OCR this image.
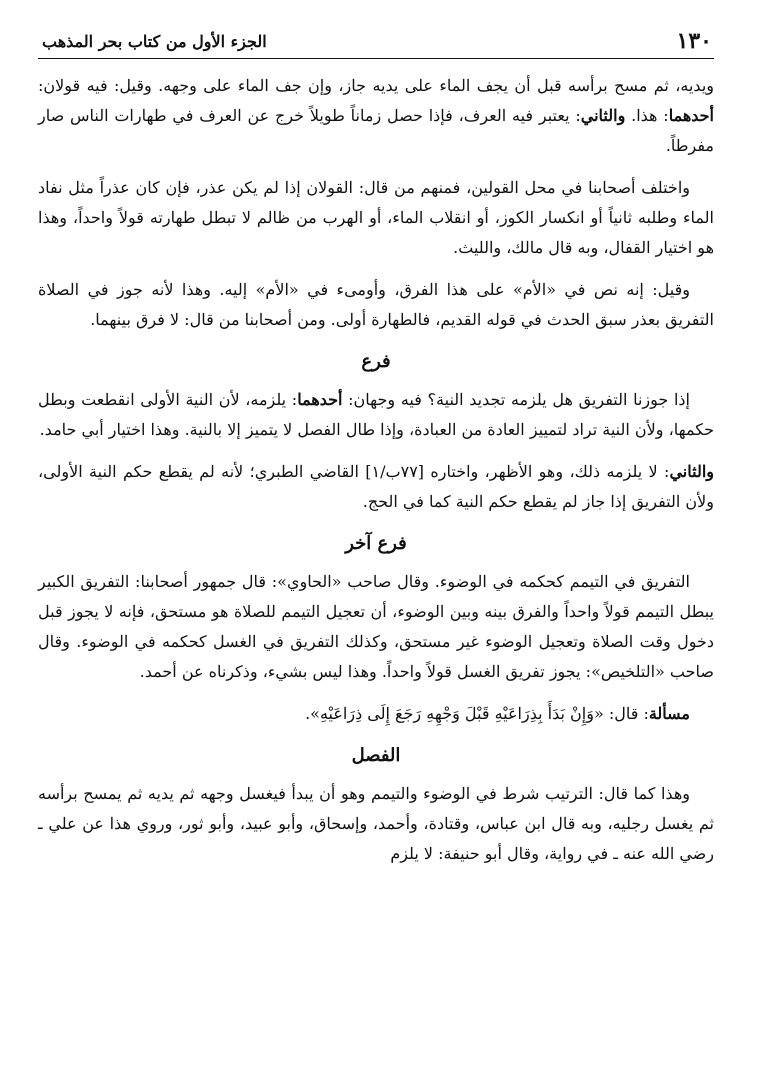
١٣٠
الجزء الأول من كتاب بحر المذهب

ويديه، ثم مسح برأسه قبل أن يجف الماء على يديه جاز، وإن جف الماء على وجهه. وقيل: فيه قولان: أحدهما: هذا. والثاني: يعتبر فيه العرف، فإذا حصل زماناً طويلاً خرج عن العرف في طهارات الناس صار مفرطاً.

واختلف أصحابنا في محل القولين، فمنهم من قال: القولان إذا لم يكن عذر، فإن كان عذراً مثل نفاد الماء وطلبه ثانياً أو انكسار الكوز، أو انقلاب الماء، أو الهرب من ظالم لا تبطل طهارته قولاً واحداً، وهذا هو اختيار القفال، وبه قال مالك، والليث.

وقيل: إنه نص في «الأم» على هذا الفرق، وأومىء في «الأم» إليه. وهذا لأنه جوز في الصلاة التفريق بعذر سبق الحدث في قوله القديم، فالطهارة أولى. ومن أصحابنا من قال: لا فرق بينهما.

فرع

إذا جوزنا التفريق هل يلزمه تجديد النية؟ فيه وجهان: أحدهما: يلزمه، لأن النية الأولى انقطعت وبطل حكمها، ولأن النية تراد لتمييز العادة من العبادة، وإذا طال الفصل لا يتميز إلا بالنية. وهذا اختيار أبي حامد.

والثاني: لا يلزمه ذلك، وهو الأظهر، واختاره [٧٧ب/١] القاضي الطبري؛ لأنه لم يقطع حكم النية الأولى، ولأن التفريق إذا جاز لم يقطع حكم النية كما في الحج.

فرع آخر

التفريق في التيمم كحكمه في الوضوء. وقال صاحب «الحاوي»: قال جمهور أصحابنا: التفريق الكبير يبطل التيمم قولاً واحداً والفرق بينه وبين الوضوء، أن تعجيل التيمم للصلاة هو مستحق، فإنه لا يجوز قبل دخول وقت الصلاة وتعجيل الوضوء غير مستحق، وكذلك التفريق في الغسل كحكمه في الوضوء. وقال صاحب «التلخيص»: يجوز تفريق الغسل قولاً واحداً. وهذا ليس بشيء، وذكرناه عن أحمد.

مسألة: قال: «وَإِنْ بَدَأَ بِذِرَاعَيْهِ قَبْلَ وَجْهِهِ رَجَعَ إِلَى ذِرَاعَيْهِ».

الفصل

وهذا كما قال: الترتيب شرط في الوضوء والتيمم وهو أن يبدأ فيغسل وجهه ثم يديه ثم يمسح برأسه ثم يغسل رجليه، وبه قال ابن عباس، وقتادة، وأحمد، وإسحاق، وأبو عبيد، وأبو ثور، وروي هذا عن علي ـ رضي الله عنه ـ في رواية، وقال أبو حنيفة: لا يلزم
